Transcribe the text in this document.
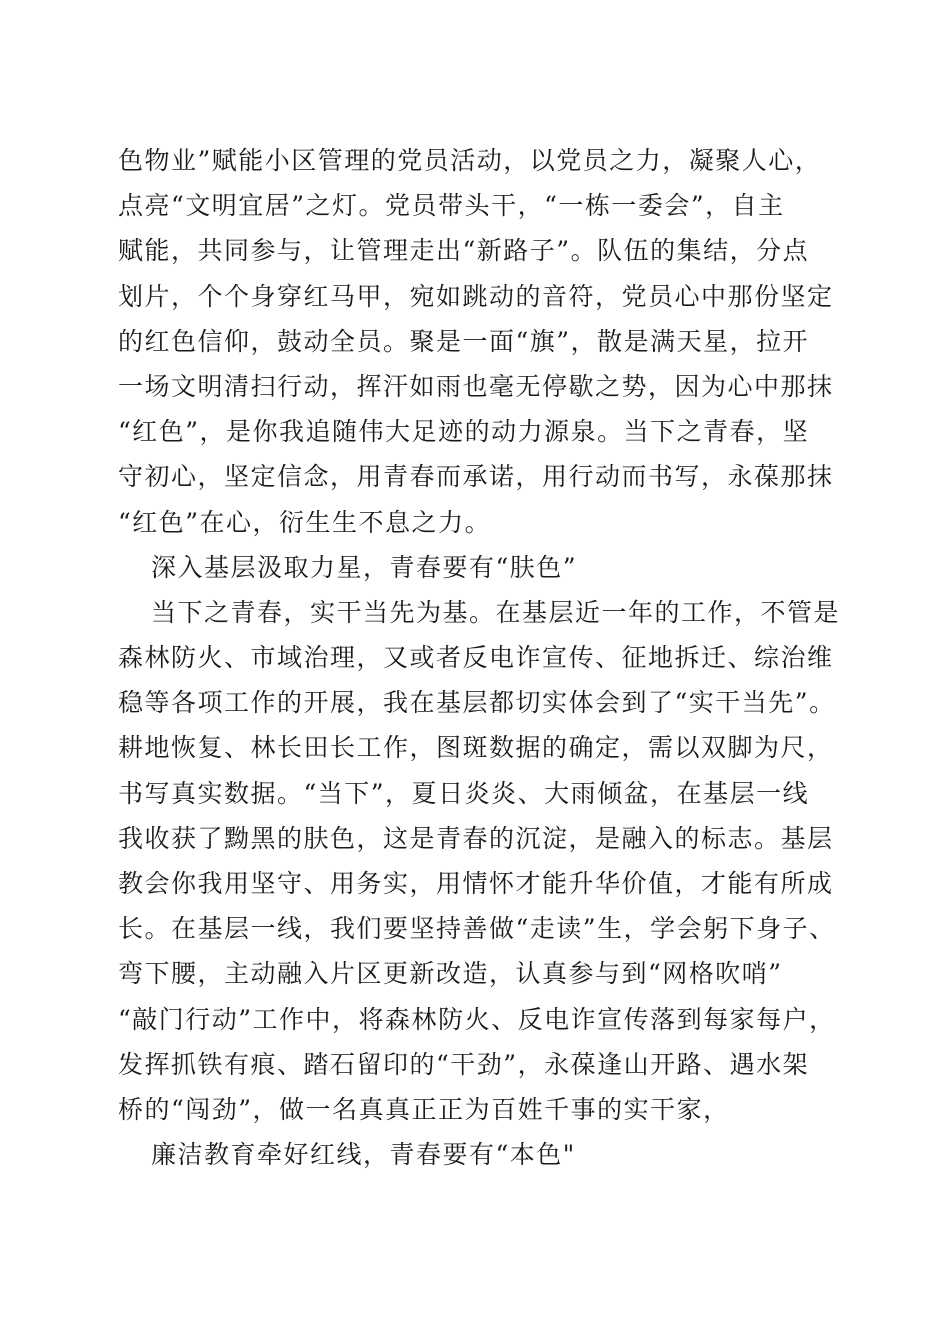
色物业”赋能小区管理的党员活动，以党员之力，凝聚人心，
点亮“文明宜居”之灯。党员带头干，“一栋一委会”，自主
赋能，共同参与，让管理走出“新路子”。队伍的集结，分点
划片，个个身穿红马甲，宛如跳动的音符，党员心中那份坚定
的红色信仰，鼓动全员。聚是一面“旗”，散是满天星，拉开
一场文明清扫行动，挥汗如雨也毫无停歇之势，因为心中那抹
“红色”，是你我追随伟大足迹的动力源泉。当下之青春，坚
守初心，坚定信念，用青春而承诺，用行动而书写，永葆那抹
“红色”在心，衍生生不息之力。
深入基层汲取力星，青春要有“肤色”
当下之青春，实干当先为基。在基层近一年的工作，不管是
森林防火、市域治理，又或者反电诈宣传、征地拆迁、综治维
稳等各项工作的开展，我在基层都切实体会到了“实干当先”。
耕地恢复、林长田长工作，图斑数据的确定，需以双脚为尺，
书写真实数据。“当下”，夏日炎炎、大雨倾盆，在基层一线
我收获了黝黑的肤色，这是青春的沉淀，是融入的标志。基层
教会你我用坚守、用务实，用情怀才能升华价值，才能有所成
长。在基层一线，我们要坚持善做“走读”生，学会躬下身子、
弯下腰，主动融入片区更新改造，认真参与到“网格吹哨”
“敲门行动”工作中，将森林防火、反电诈宣传落到每家每户，
发挥抓铁有痕、踏石留印的“干劲”，永葆逢山开路、遇水架
桥的“闯劲”，做一名真真正正为百姓千事的实干家，
廉洁教育牵好红线，青春要有“本色"
